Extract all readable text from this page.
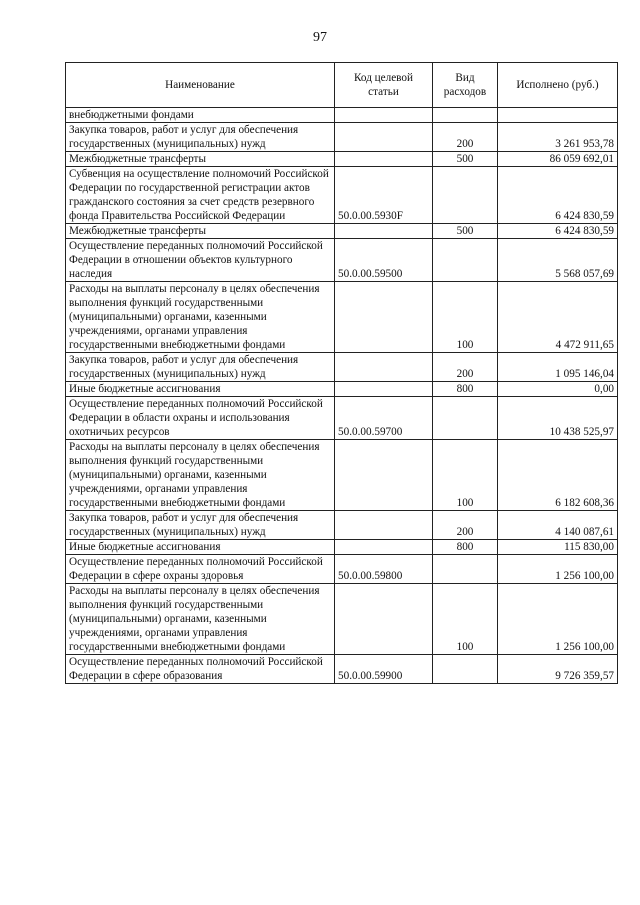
97
Наименование	Код целевой статьи	Вид расходов	Исполнено (руб.)
внебюджетными фондами			
Закупка товаров, работ и услуг для обеспечения государственных (муниципальных) нужд		200	3 261 953,78
Межбюджетные трансферты		500	86 059 692,01
Субвенция на осуществление полномочий Российской Федерации по государственной регистрации актов гражданского состояния за счет средств резервного фонда Правительства Российской Федерации	50.0.00.5930F		6 424 830,59
Межбюджетные трансферты		500	6 424 830,59
Осуществление переданных полномочий Российской Федерации в отношении объектов культурного наследия	50.0.00.59500		5 568 057,69
Расходы на выплаты персоналу в целях обеспечения выполнения функций государственными (муниципальными) органами, казенными учреждениями, органами управления государственными внебюджетными фондами		100	4 472 911,65
Закупка товаров, работ и услуг для обеспечения государственных (муниципальных) нужд		200	1 095 146,04
Иные бюджетные ассигнования		800	0,00
Осуществление переданных полномочий Российской Федерации в области охраны и использования охотничьих ресурсов	50.0.00.59700		10 438 525,97
Расходы на выплаты персоналу в целях обеспечения выполнения функций государственными (муниципальными) органами, казенными учреждениями, органами управления государственными внебюджетными фондами		100	6 182 608,36
Закупка товаров, работ и услуг для обеспечения государственных (муниципальных) нужд		200	4 140 087,61
Иные бюджетные ассигнования		800	115 830,00
Осуществление переданных полномочий Российской Федерации в сфере охраны здоровья	50.0.00.59800		1 256 100,00
Расходы на выплаты персоналу в целях обеспечения выполнения функций государственными (муниципальными) органами, казенными учреждениями, органами управления государственными внебюджетными фондами		100	1 256 100,00
Осуществление переданных полномочий Российской Федерации в сфере образования	50.0.00.59900		9 726 359,57
